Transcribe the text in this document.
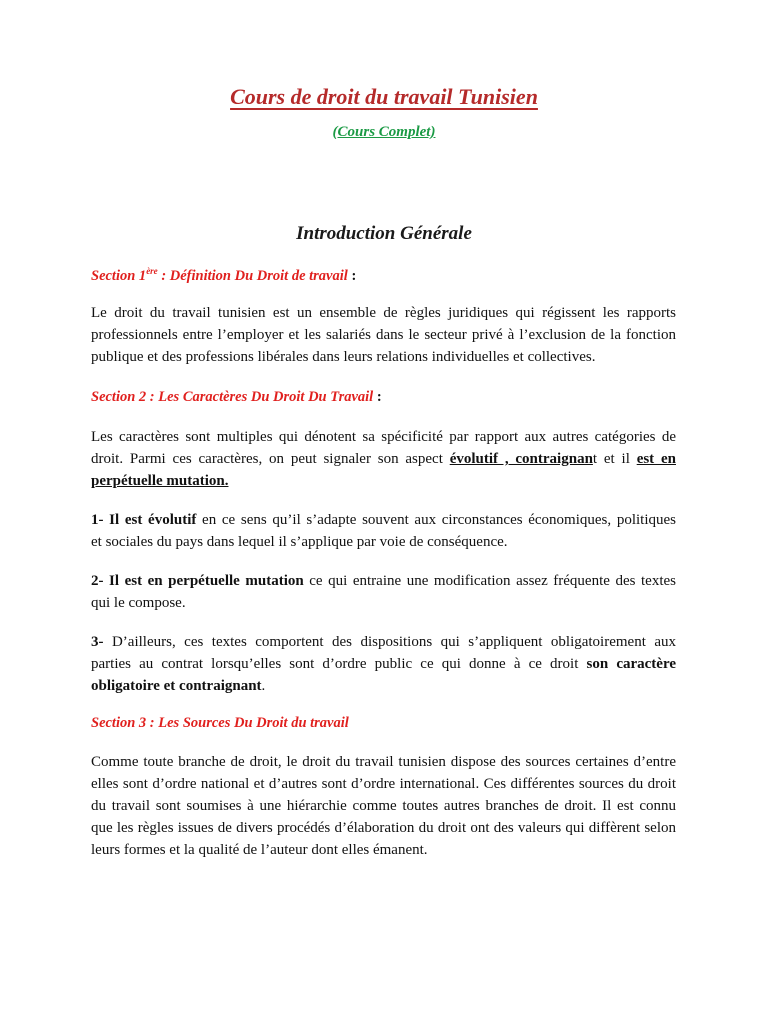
Cours de droit du travail Tunisien
(Cours Complet)
Introduction Générale
Section 1ère : Définition Du Droit de travail :
Le droit du travail tunisien est un ensemble de règles juridiques qui régissent les rapports
professionnels entre l’employer et les salariés dans le secteur privé à l’exclusion de la fonction
publique et des professions libérales dans leurs relations individuelles et collectives.
Section 2 : Les Caractères Du Droit Du Travail :
Les caractères sont multiples qui dénotent sa spécificité par rapport aux autres catégories de
droit. Parmi ces caractères, on peut signaler son aspect évolutif , contraignant et il est en
perpétuelle mutation.
1- Il est évolutif en ce sens qu’il s’adapte souvent aux circonstances économiques, politiques
et sociales du pays dans lequel il s’applique par voie de conséquence.
2- Il est en perpétuelle mutation ce qui entraine une modification assez fréquente des textes
qui le compose.
3- D’ailleurs, ces textes comportent des dispositions qui s’appliquent obligatoirement aux
parties au contrat lorsqu’elles sont d’ordre public ce qui donne à ce droit son caractère
obligatoire et contraignant.
Section 3 : Les Sources Du Droit du travail
Comme toute branche de droit, le droit du travail tunisien dispose des sources certaines d’entre
elles sont d’ordre national et d’autres sont d’ordre international. Ces différentes sources du droit
du travail sont soumises à une hiérarchie comme toutes autres branches de droit. Il est connu
que les règles issues de divers procédés d’élaboration du droit ont des valeurs qui diffèrent selon
leurs formes et la qualité de l’auteur dont elles émanent.
